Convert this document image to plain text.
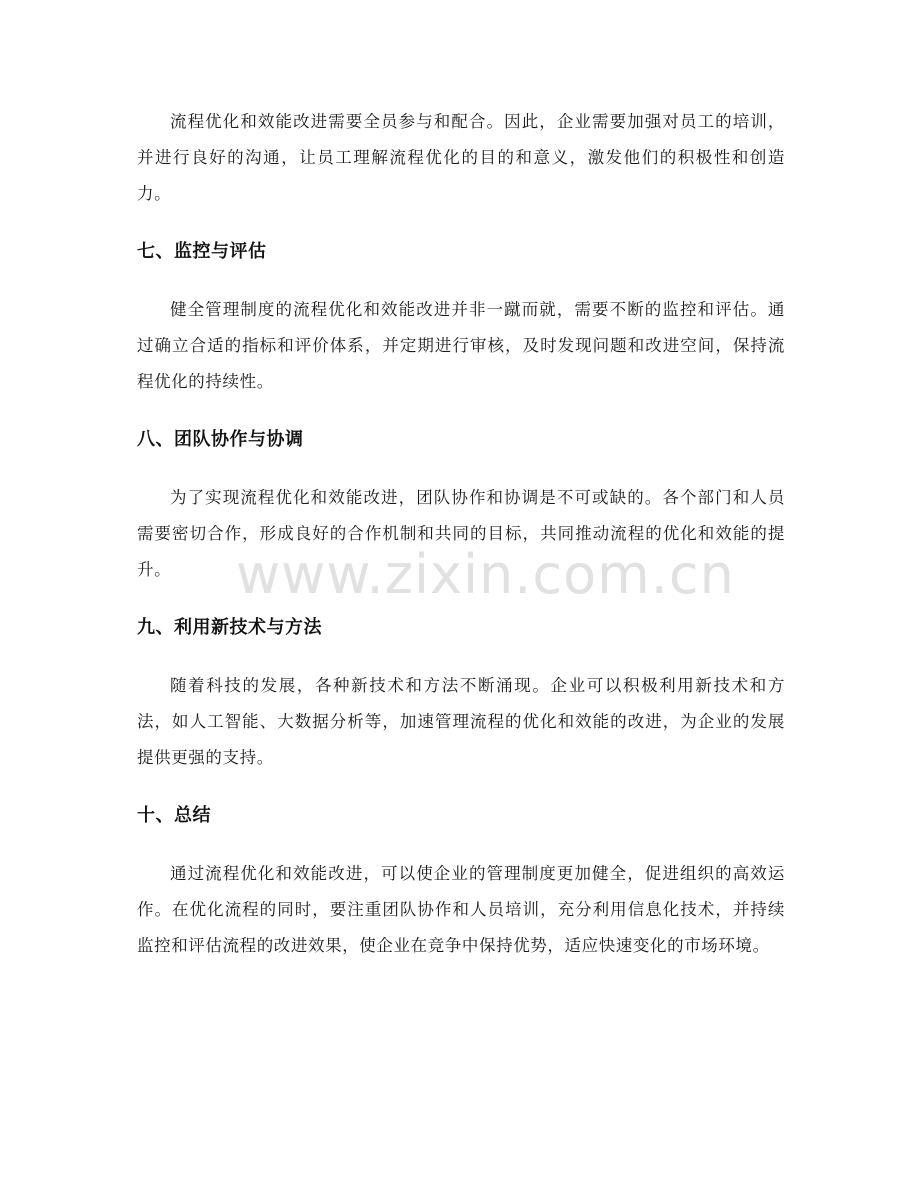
流程优化和效能改进需要全员参与和配合。因此，企业需要加强对员工的培训，并进行良好的沟通，让员工理解流程优化的目的和意义，激发他们的积极性和创造力。

七、监控与评估

健全管理制度的流程优化和效能改进并非一蹴而就，需要不断的监控和评估。通过确立合适的指标和评价体系，并定期进行审核，及时发现问题和改进空间，保持流程优化的持续性。

八、团队协作与协调

为了实现流程优化和效能改进，团队协作和协调是不可或缺的。各个部门和人员需要密切合作，形成良好的合作机制和共同的目标，共同推动流程的优化和效能的提升。

九、利用新技术与方法

随着科技的发展，各种新技术和方法不断涌现。企业可以积极利用新技术和方法，如人工智能、大数据分析等，加速管理流程的优化和效能的改进，为企业的发展提供更强的支持。

十、总结

通过流程优化和效能改进，可以使企业的管理制度更加健全，促进组织的高效运作。在优化流程的同时，要注重团队协作和人员培训，充分利用信息化技术，并持续监控和评估流程的改进效果，使企业在竞争中保持优势，适应快速变化的市场环境。

www.zixin.com.cn
